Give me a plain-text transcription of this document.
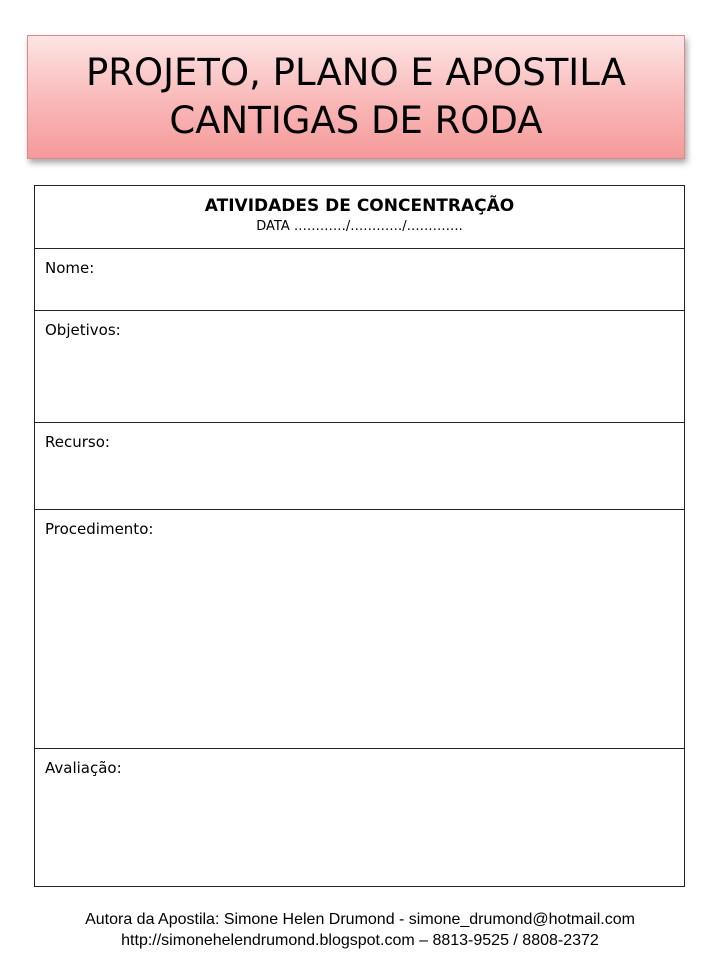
PROJETO, PLANO E APOSTILA
CANTIGAS DE RODA
ATIVIDADES DE CONCENTRAÇÃO
DATA …………/…………/………….

Nome:

Objetivos:

Recurso:

Procedimento:

Avaliação:
Autora da Apostila: Simone Helen Drumond - simone_drumond@hotmail.com
http://simonehelendrumond.blogspot.com – 8813-9525 / 8808-2372
